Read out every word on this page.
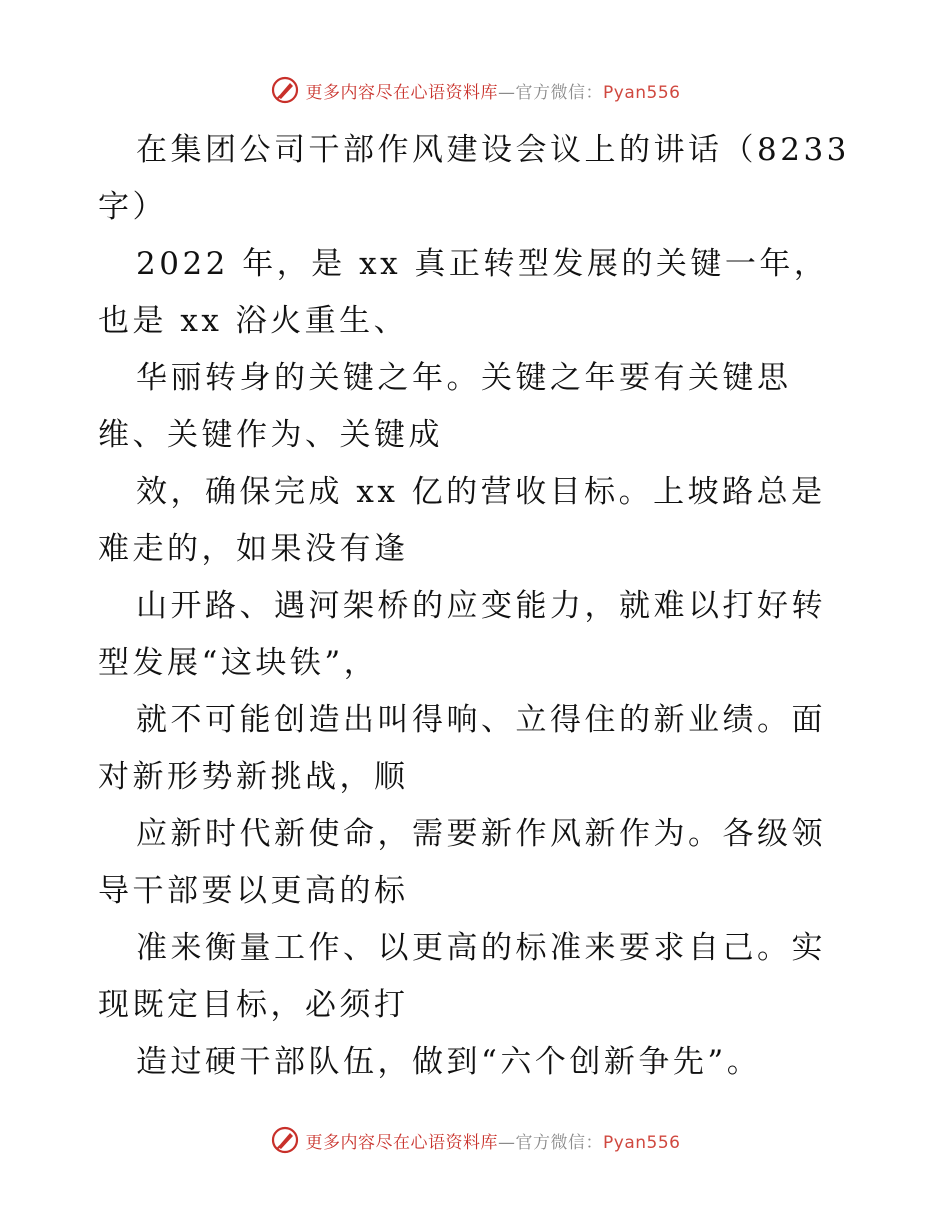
更多内容尽在心语资料库—官方微信：Pyan556

在集团公司干部作风建设会议上的讲话（8233字）

2022 年，是 xx 真正转型发展的关键一年，也是 xx 浴火重生、

华丽转身的关键之年。关键之年要有关键思维、关键作为、关键成

效，确保完成 xx 亿的营收目标。上坡路总是难走的，如果没有逢

山开路、遇河架桥的应变能力，就难以打好转型发展“这块铁”，

就不可能创造出叫得响、立得住的新业绩。面对新形势新挑战，顺

应新时代新使命，需要新作风新作为。各级领导干部要以更高的标

准来衡量工作、以更高的标准来要求自己。实现既定目标，必须打

造过硬干部队伍，做到“六个创新争先”。

更多内容尽在心语资料库—官方微信：Pyan556
